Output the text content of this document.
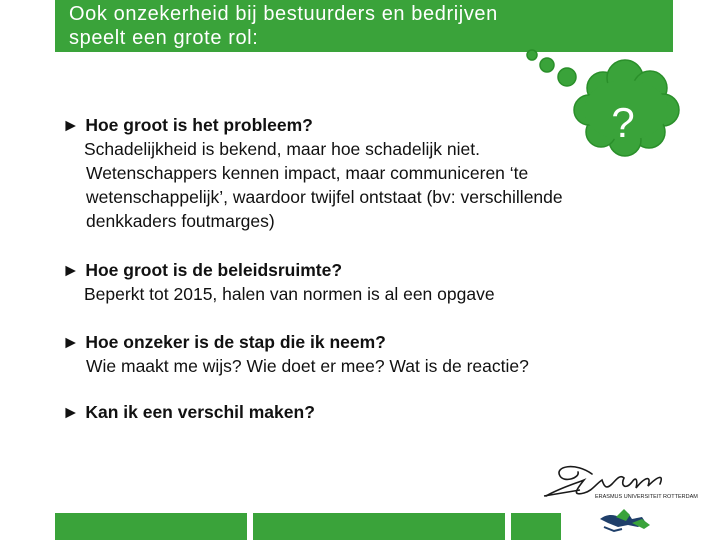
Ook onzekerheid bij bestuurders en bedrijven
speelt een grote rol:
?
► Hoe groot is het probleem?
Schadelijkheid is bekend, maar hoe schadelijk niet.
Wetenschappers kennen impact, maar communiceren ‘te
wetenschappelijk’, waardoor twijfel ontstaat (bv: verschillende
denkkaders foutmarges)
► Hoe groot is de beleidsruimte?
Beperkt tot 2015, halen van normen is al een opgave
► Hoe onzeker is de stap die ik neem?
Wie maakt me wijs? Wie doet er mee? Wat is de reactie?
► Kan ik een verschil maken?
ERASMUS UNIVERSITEIT ROTTERDAM
